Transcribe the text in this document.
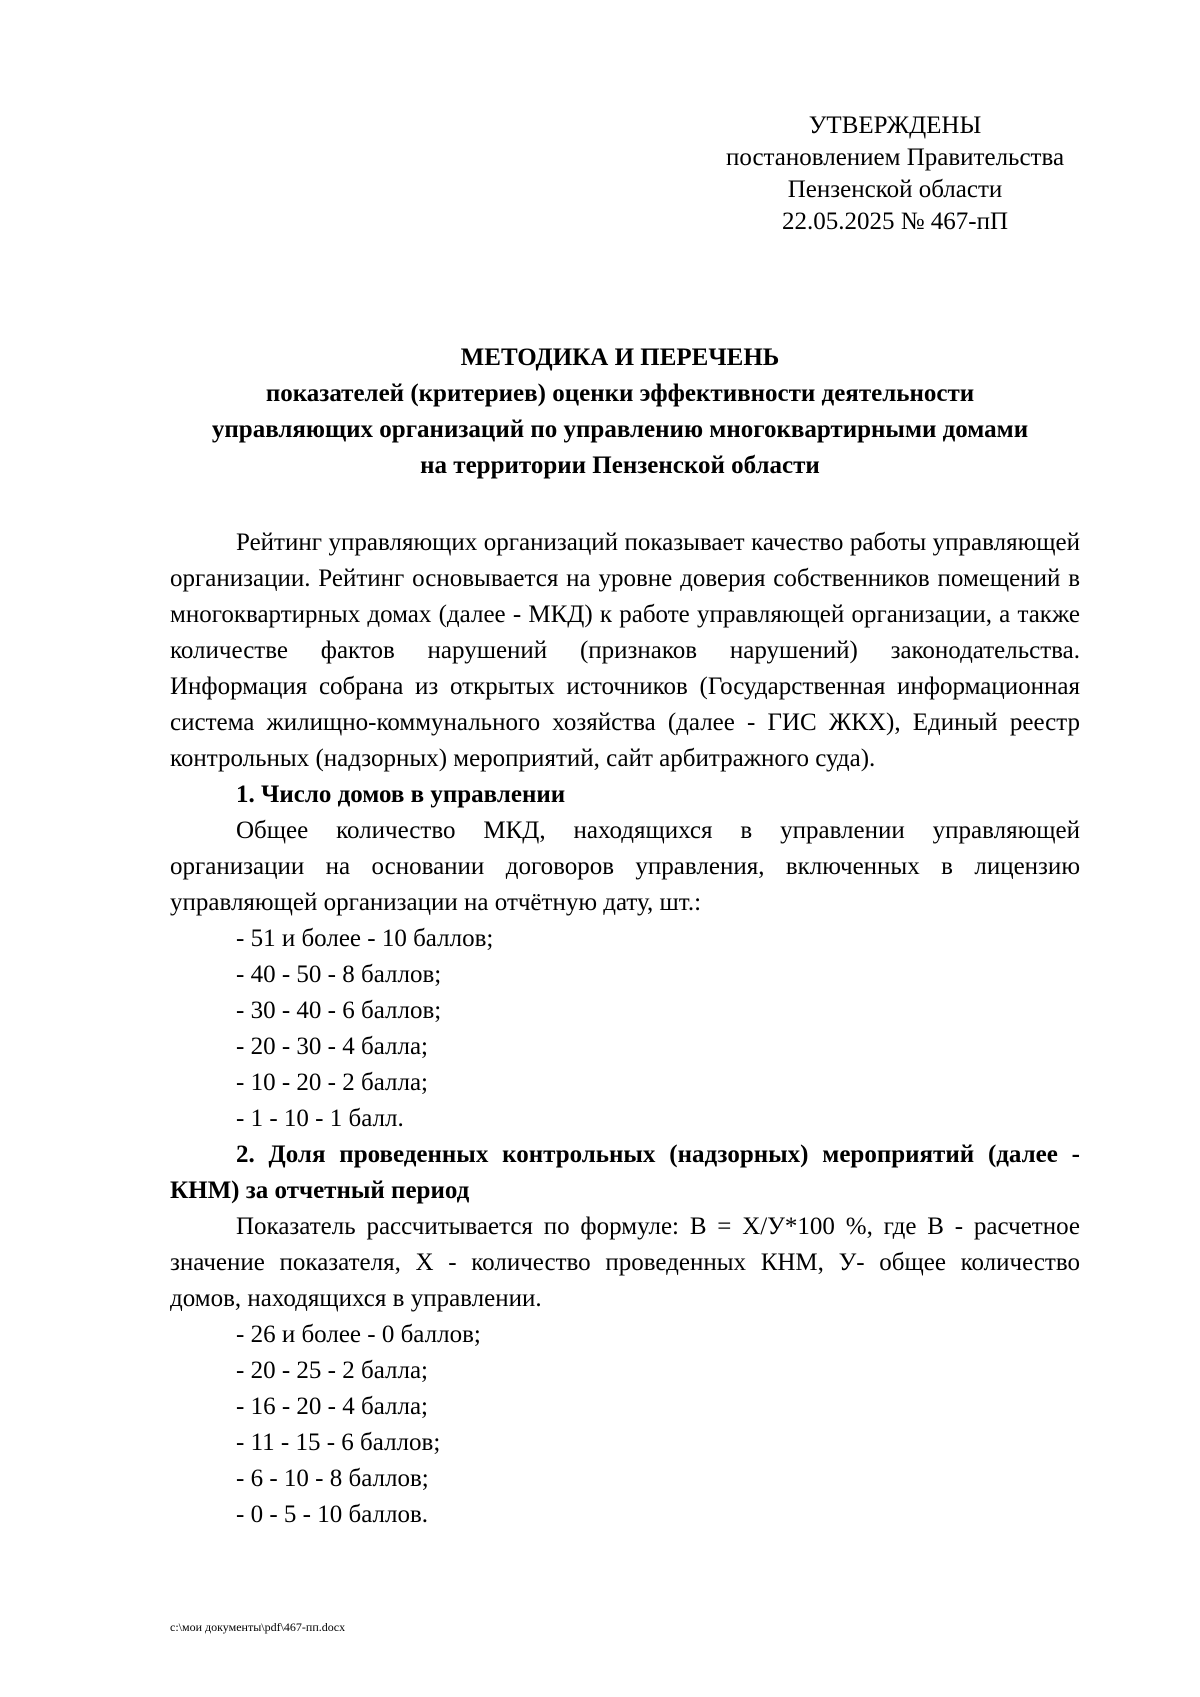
УТВЕРЖДЕНЫ
постановлением Правительства
Пензенской области
22.05.2025 № 467-пП
МЕТОДИКА И ПЕРЕЧЕНЬ
показателей (критериев) оценки эффективности деятельности
управляющих организаций по управлению многоквартирными домами
на территории Пензенской области

Рейтинг управляющих организаций показывает качество работы управляющей организации. Рейтинг основывается на уровне доверия собственников помещений в многоквартирных домах (далее - МКД) к работе управляющей организации, а также количестве фактов нарушений (признаков нарушений) законодательства. Информация собрана из открытых источников (Государственная информационная система жилищно-коммунального хозяйства (далее - ГИС ЖКХ), Единый реестр контрольных (надзорных) мероприятий, сайт арбитражного суда).

1. Число домов в управлении

Общее количество МКД, находящихся в управлении управляющей организации на основании договоров управления, включенных в лицензию управляющей организации на отчётную дату, шт.:

- 51 и более - 10 баллов;
- 40 - 50 - 8 баллов;
- 30 - 40 - 6 баллов;
- 20 - 30 - 4 балла;
- 10 - 20 - 2 балла;
- 1 - 10 - 1 балл.

2. Доля проведенных контрольных (надзорных) мероприятий (далее - КНМ) за отчетный период

Показатель рассчитывается по формуле: В = Х/У*100 %, где В - расчетное значение показателя, Х - количество проведенных КНМ, У- общее количество домов, находящихся в управлении.

- 26 и более - 0 баллов;
- 20 - 25 - 2 балла;
- 16 - 20 - 4 балла;
- 11 - 15 - 6 баллов;
- 6 - 10 - 8 баллов;
- 0 - 5 - 10 баллов.
c:\мои документы\pdf\467-пп.docx
